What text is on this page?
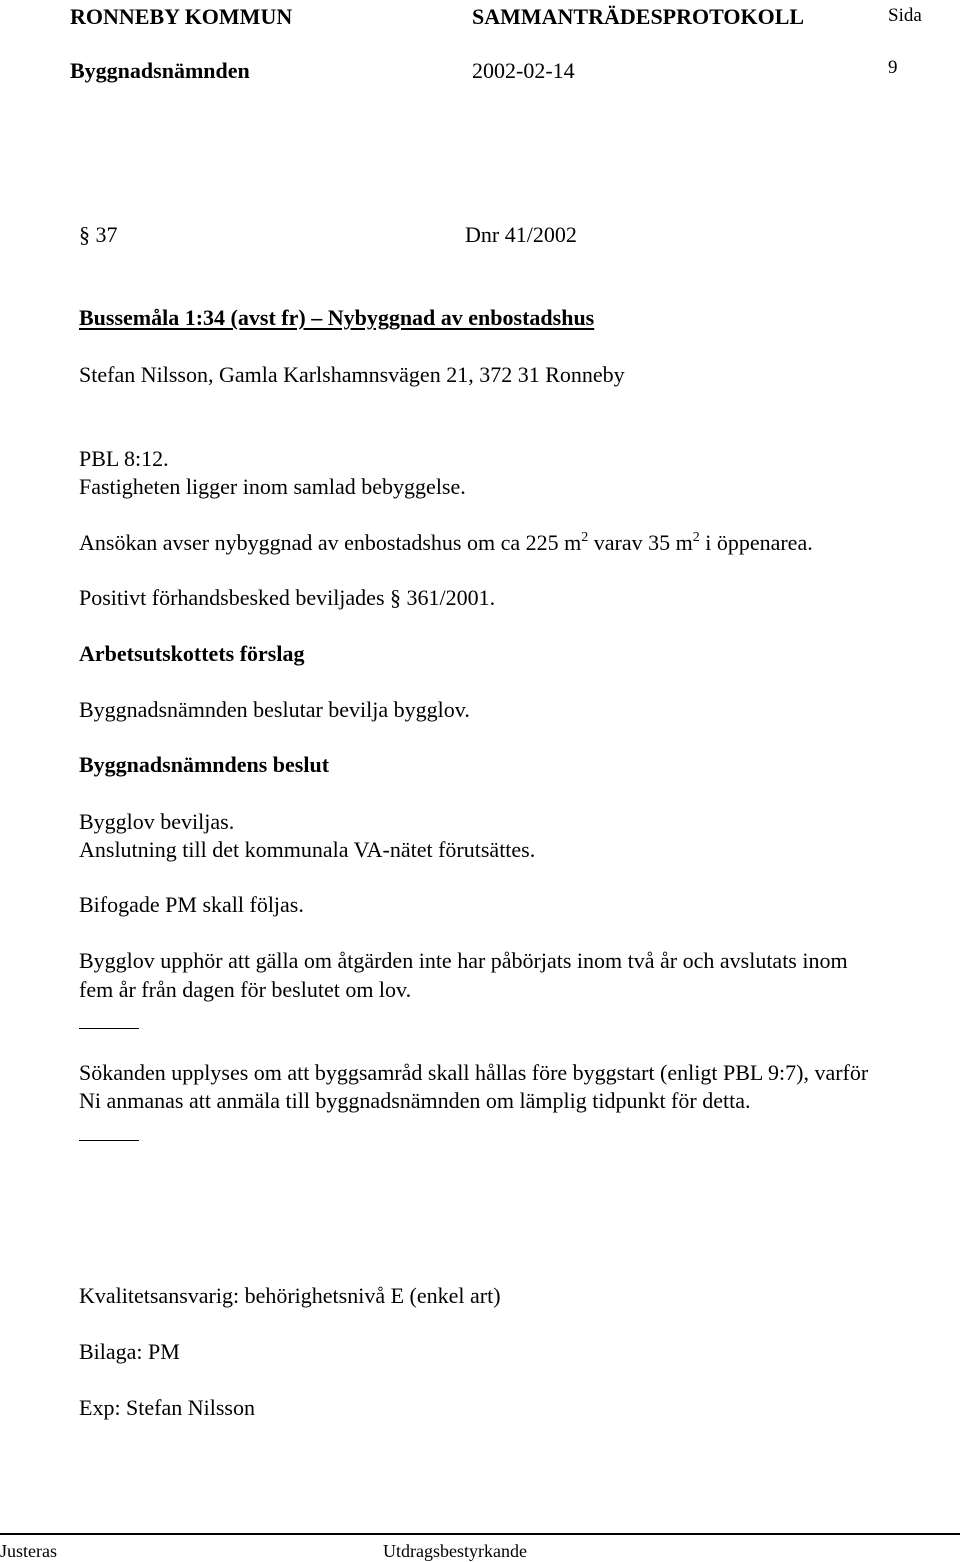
RONNEBY KOMMUN	SAMMANTRÄDESPROTOKOLL	Sida
Byggnadsnämnden	2002-02-14	9
§ 37	Dnr 41/2002
Bussemåla 1:34 (avst fr) – Nybyggnad av enbostadshus
Stefan Nilsson, Gamla Karlshamnsvägen 21, 372 31 Ronneby
PBL 8:12.
Fastigheten ligger inom samlad bebyggelse.
Ansökan avser nybyggnad av enbostadshus om ca 225 $m^2$ varav 35 $m^2$ i öppenarea.
Positivt förhandsbesked beviljades § 361/2001.
Arbetsutskottets förslag
Byggnadsnämnden beslutar bevilja bygglov.
Byggnadsnämndens beslut
Bygglov beviljas.
Anslutning till det kommunala VA-nätet förutsättes.
Bifogade PM skall följas.
Bygglov upphör att gälla om åtgärden inte har påbörjats inom två år och avslutats inom
fem år från dagen för beslutet om lov.
Sökanden upplyses om att byggsamråd skall hållas före byggstart (enligt PBL 9:7), varför
Ni anmanas att anmäla till byggnadsnämnden om lämplig tidpunkt för detta.
Kvalitetsansvarig: behörighetsnivå E (enkel art)
Bilaga: PM
Exp: Stefan Nilsson
Justeras	Utdragsbestyrkande
